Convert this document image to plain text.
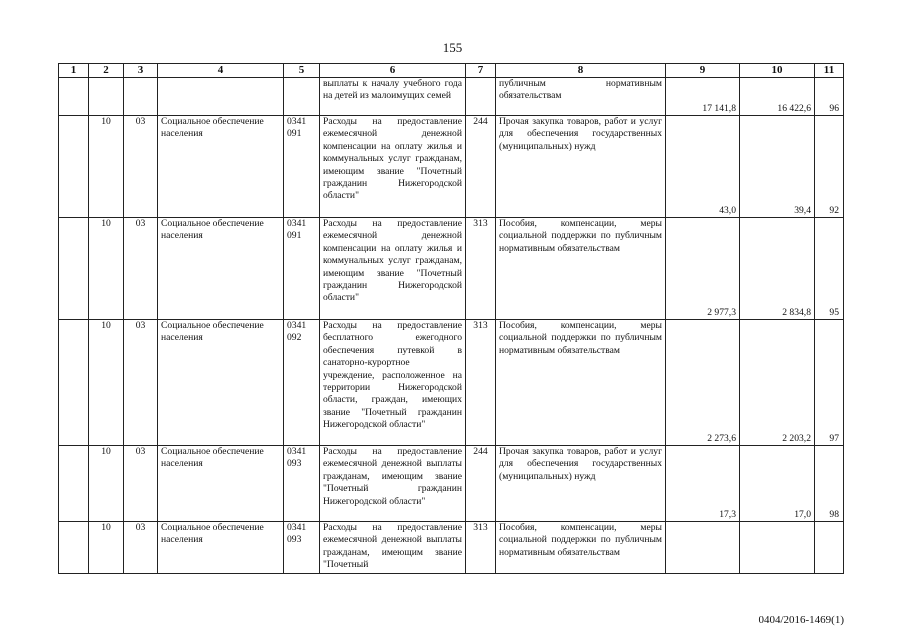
155
1	2	3	4	5	6	7	8	9	10	11
					выплаты к началу учебного года на детей из малоимущих семей		публичным нормативным обязательствам	17 141,8	16 422,6	96
	10	03	Социальное обеспечение населения	0341 091	Расходы на предоставление ежемесячной денежной компенсации на оплату жилья и коммунальных услуг гражданам, имеющим звание "Почетный гражданин Нижегородской области"	244	Прочая закупка товаров, работ и услуг для обеспечения государственных (муниципальных) нужд	43,0	39,4	92
	10	03	Социальное обеспечение населения	0341 091	Расходы на предоставление ежемесячной денежной компенсации на оплату жилья и коммунальных услуг гражданам, имеющим звание "Почетный гражданин Нижегородской области"	313	Пособия, компенсации, меры социальной поддержки по публичным нормативным обязательствам	2 977,3	2 834,8	95
	10	03	Социальное обеспечение населения	0341 092	Расходы на предоставление бесплатного ежегодного обеспечения путевкой в санаторно-курортное учреждение, расположенное на территории Нижегородской области, граждан, имеющих звание "Почетный гражданин Нижегородской области"	313	Пособия, компенсации, меры социальной поддержки по публичным нормативным обязательствам	2 273,6	2 203,2	97
	10	03	Социальное обеспечение населения	0341 093	Расходы на предоставление ежемесячной денежной выплаты гражданам, имеющим звание "Почетный гражданин Нижегородской области"	244	Прочая закупка товаров, работ и услуг для обеспечения государственных (муниципальных) нужд	17,3	17,0	98
	10	03	Социальное обеспечение населения	0341 093	Расходы на предоставление ежемесячной денежной выплаты гражданам, имеющим звание "Почетный	313	Пособия, компенсации, меры социальной поддержки по публичным нормативным обязательствам			
0404/2016-1469(1)
